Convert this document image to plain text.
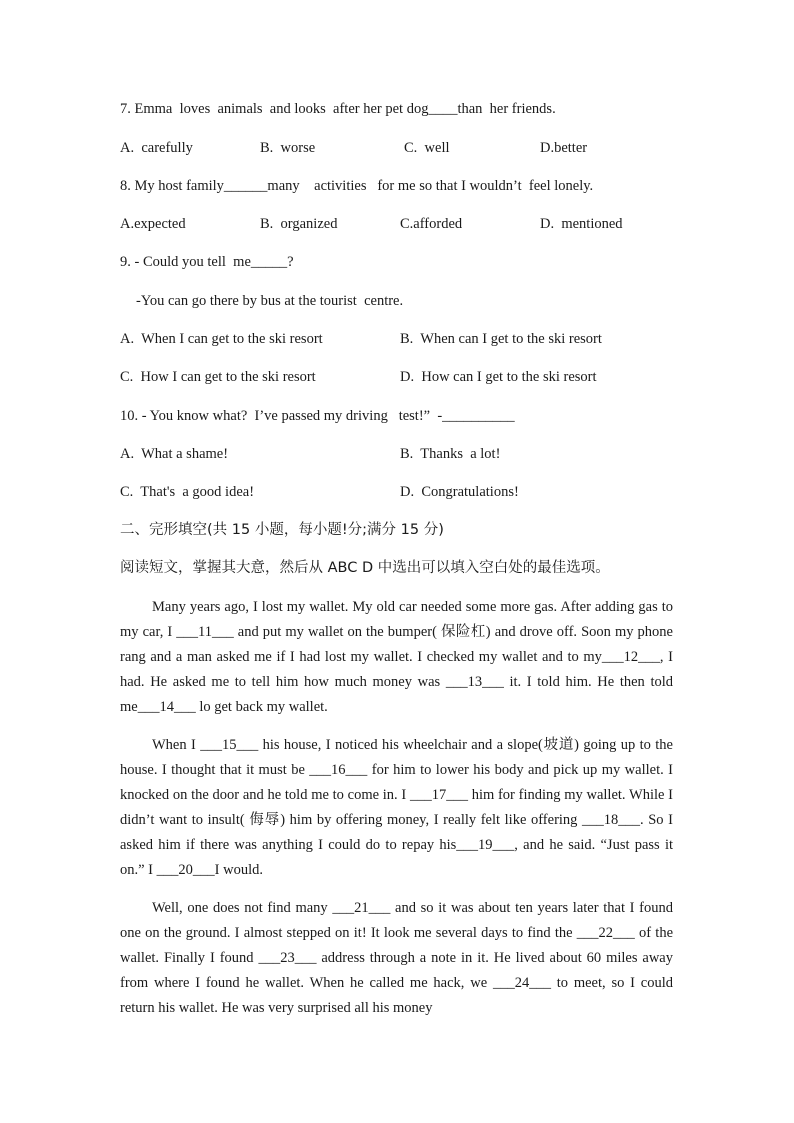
7. Emma  loves  animals  and looks  after her pet dog____than  her friends.
A.  carefully	B.  worse	C.  well	D.better
8. My host family______many    activities   for me so that I wouldn’t  feel lonely.
A.expected	B.  organized	C.afforded	D.  mentioned
9. - Could you tell  me_____?
-You can go there by bus at the tourist  centre.
A.  When I can get to the ski resort	B.  When can I get to the ski resort
C.  How I can get to the ski resort	D.  How can I get to the ski resort
10. - You know what?  I’ve passed my driving   test!”  -__________
A.  What a shame!	B.  Thanks  a lot!
C.  That's  a good idea!	D.  Congratulations!
二、完形填空(共 15 小题，每小题!分;满分 15 分)
阅读短文，掌握其大意，然后从 ABC D 中选出可以填入空白处的最佳选项。

Many years ago, I lost my wallet. My old car needed some more gas. After adding gas to my car, I ___11___ and put my wallet on the bumper( 保险杠) and drove off. Soon my phone rang and a man asked me if I had lost my wallet. I checked my wallet and to my___12___, I had. He asked me to tell him how much money was ___13___ it. I told him. He then told me___14___ lo get back my wallet.

When I ___15___ his house, I noticed his wheelchair and a slope(坡道) going up to the house. I thought that it must be ___16___ for him to lower his body and pick up my wallet. I knocked on the door and he told me to come in. I ___17___ him for finding my wallet. While I didn’t want to insult( 侮辱) him by offering money, I really felt like offering ___18___. So I asked him if there was anything I could do to repay his___19___, and he said. “Just pass it on.” I ___20___I would.

Well, one does not find many ___21___ and so it was about ten years later that I found one on the ground. I almost stepped on it! It look me several days to find the ___22___ of the wallet. Finally I found ___23___ address through a note in it. He lived about 60 miles away from where I found he wallet. When he called me hack, we ___24___ to meet, so I could return his wallet. He was very surprised all his money
